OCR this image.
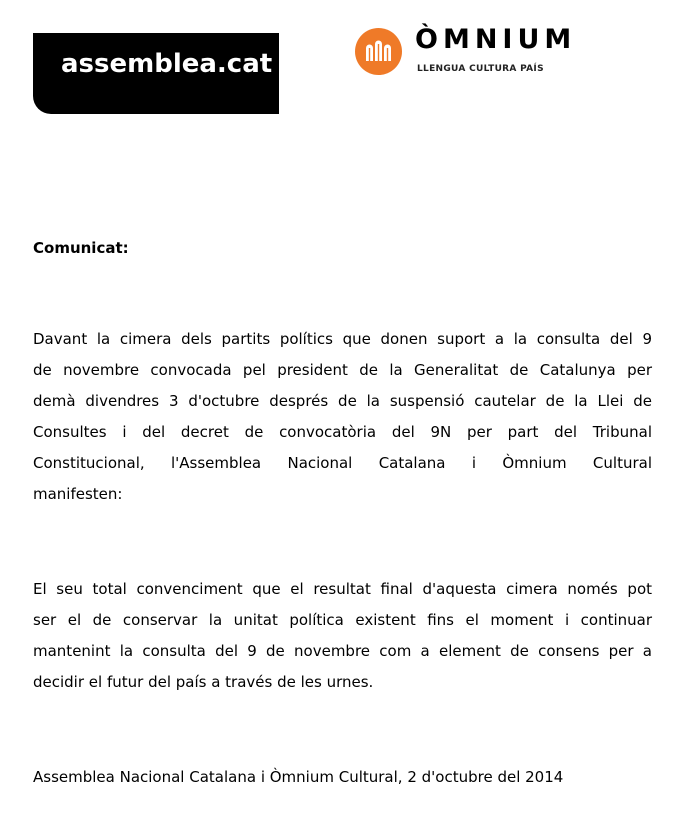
assemblea.cat
ÒMNIUM
LLENGUA CULTURA PAÍS
Comunicat:
Davant la cimera dels partits polítics que donen suport a la consulta del 9
de novembre convocada pel president de la Generalitat de Catalunya per
demà divendres 3 d'octubre després de la suspensió cautelar de la Llei de
Consultes i del decret de convocatòria del 9N per part del Tribunal
Constitucional, l'Assemblea Nacional Catalana i Òmnium Cultural
manifesten:
El seu total convenciment que el resultat final d'aquesta cimera només pot
ser el de conservar la unitat política existent fins el moment i continuar
mantenint la consulta del 9 de novembre com a element de consens per a
decidir el futur del país a través de les urnes.
Assemblea Nacional Catalana i Òmnium Cultural, 2 d'octubre del 2014
